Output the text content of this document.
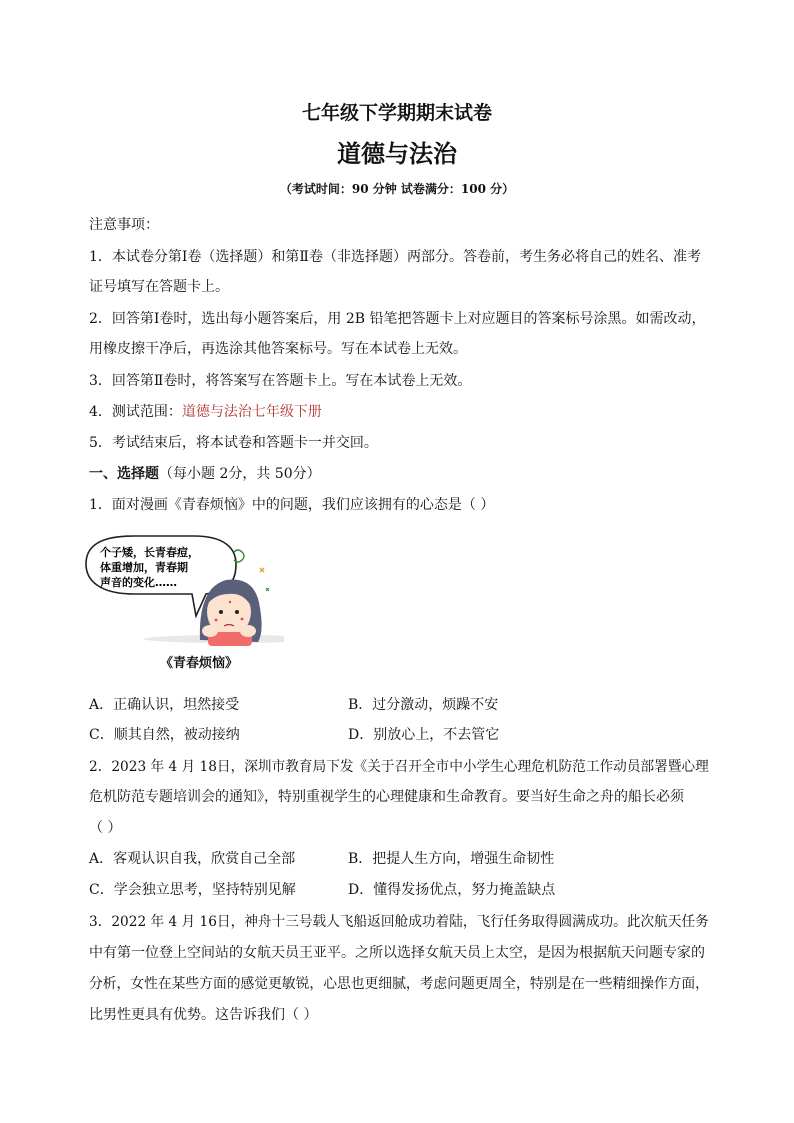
七年级下学期期末试卷
道德与法治
（考试时间：90 分钟 试卷满分：100 分）
注意事项：
1．本试卷分第Ⅰ卷（选择题）和第Ⅱ卷（非选择题）两部分。答卷前，考生务必将自己的姓名、准考
证号填写在答题卡上。
2．回答第Ⅰ卷时，选出每小题答案后，用 2B 铅笔把答题卡上对应题目的答案标号涂黑。如需改动，
用橡皮擦干净后，再选涂其他答案标号。写在本试卷上无效。
3．回答第Ⅱ卷时，将答案写在答题卡上。写在本试卷上无效。
4．测试范围：道德与法治七年级下册
5．考试结束后，将本试卷和答题卡一并交回。
一、选择题（每小题 2分，共 50分）
1．面对漫画《青春烦恼》中的问题，我们应该拥有的心态是（ ）
个子矮，长青春痘，
体重增加，青春期
声音的变化……
《青春烦恼》
A．正确认识，坦然接受	B．过分激动，烦躁不安
C．顺其自然，被动接纳	D．别放心上，不去管它
2．2023 年 4 月 18日，深圳市教育局下发《关于召开全市中小学生心理危机防范工作动员部署暨心理
危机防范专题培训会的通知》，特别重视学生的心理健康和生命教育。要当好生命之舟的船长必须
（ ）
A．客观认识自我，欣赏自己全部	B．把提人生方向，增强生命韧性
C．学会独立思考，坚持特别见解	D．懂得发扬优点，努力掩盖缺点
3．2022 年 4 月 16日，神舟十三号载人飞船返回舱成功着陆，飞行任务取得圆满成功。此次航天任务
中有第一位登上空间站的女航天员王亚平。之所以选择女航天员上太空，是因为根据航天问题专家的
分析，女性在某些方面的感觉更敏锐，心思也更细腻，考虑问题更周全，特别是在一些精细操作方面，
比男性更具有优势。这告诉我们（ ）
